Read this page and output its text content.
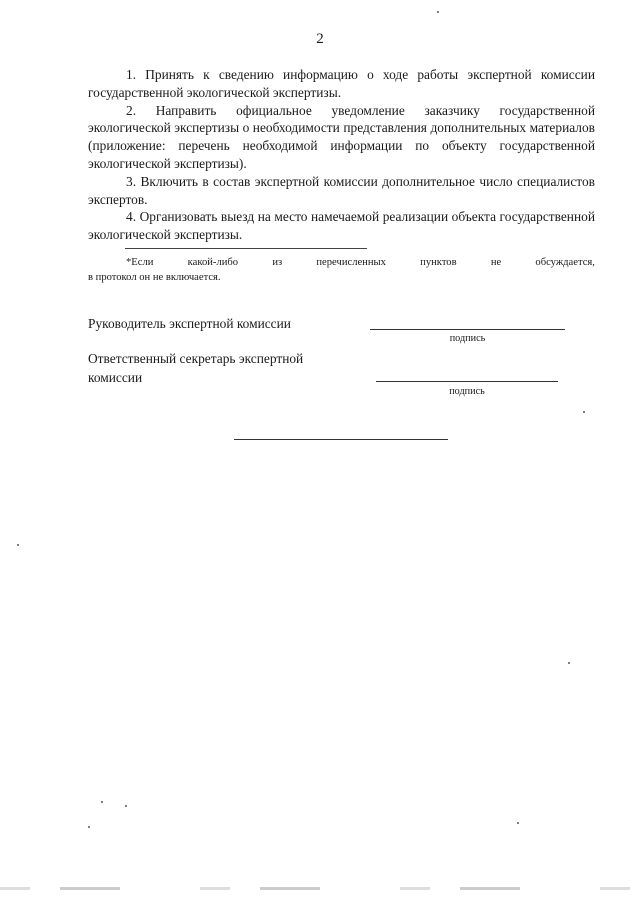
2

1. Принять к сведению информацию о ходе работы экспертной комиссии государственной экологической экспертизы.

2. Направить официальное уведомление заказчику государственной экологической экспертизы о необходимости представления дополнительных материалов (приложение: перечень необходимой информации по объекту государственной экологической экспертизы).

3. Включить в состав экспертной комиссии дополнительное число специалистов экспертов.

4. Организовать выезд на место намечаемой реализации объекта государственной экологической экспертизы.

*Если	какой-либо	из	перечисленных	пунктов	не	обсуждается,
в протокол он не включается.
Руководитель экспертной комиссии
подпись
Ответственный секретарь экспертной комиссии
подпись
